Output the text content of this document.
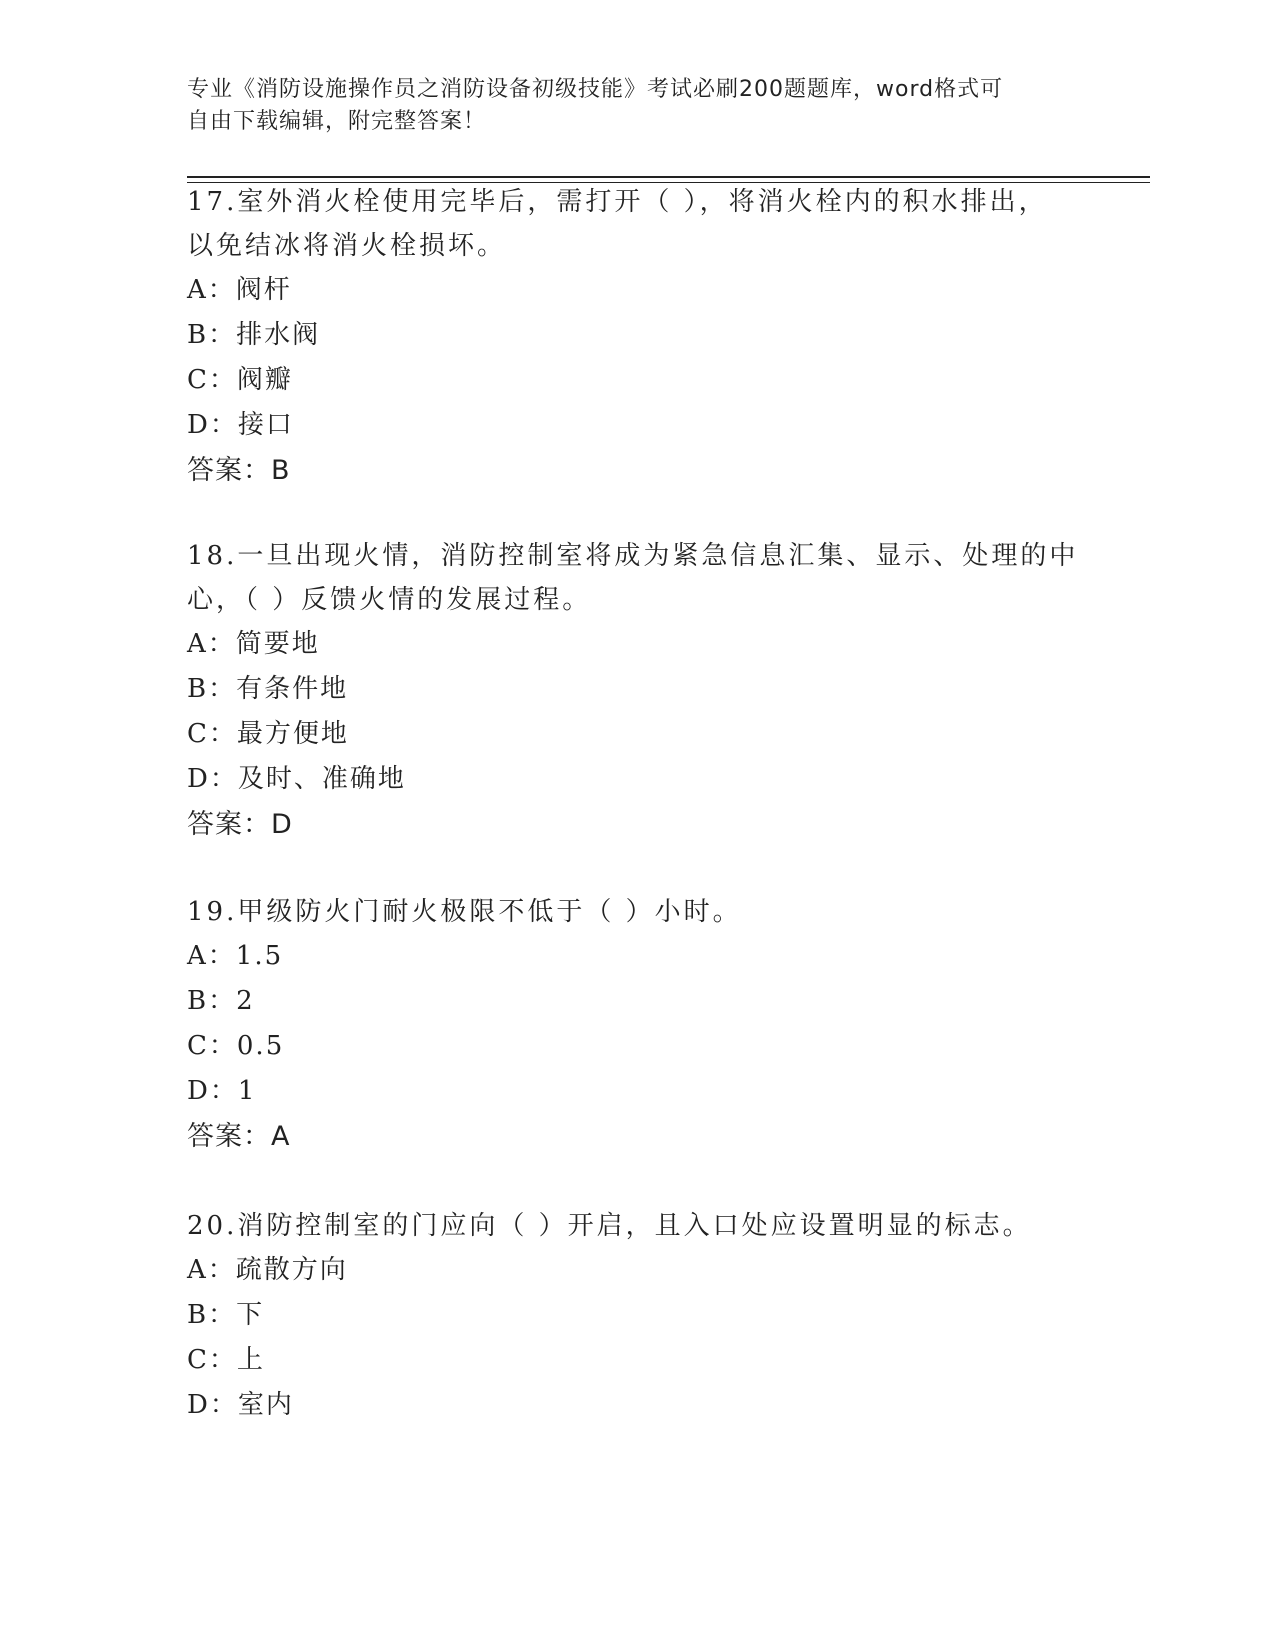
专业《消防设施操作员之消防设备初级技能》考试必刷200题题库，word格式可
自由下载编辑，附完整答案！
17.室外消火栓使用完毕后，需打开（ ），将消火栓内的积水排出，
以免结冰将消火栓损坏。
A：阀杆
B：排水阀
C：阀瓣
D：接口
答案：B
18.一旦出现火情，消防控制室将成为紧急信息汇集、显示、处理的中
心，（ ）反馈火情的发展过程。
A：简要地
B：有条件地
C：最方便地
D：及时、准确地
答案：D
19.甲级防火门耐火极限不低于（ ）小时。
A：1.5
B：2
C：0.5
D：1
答案：A
20.消防控制室的门应向（ ）开启，且入口处应设置明显的标志。
A：疏散方向
B：下
C：上
D：室内
